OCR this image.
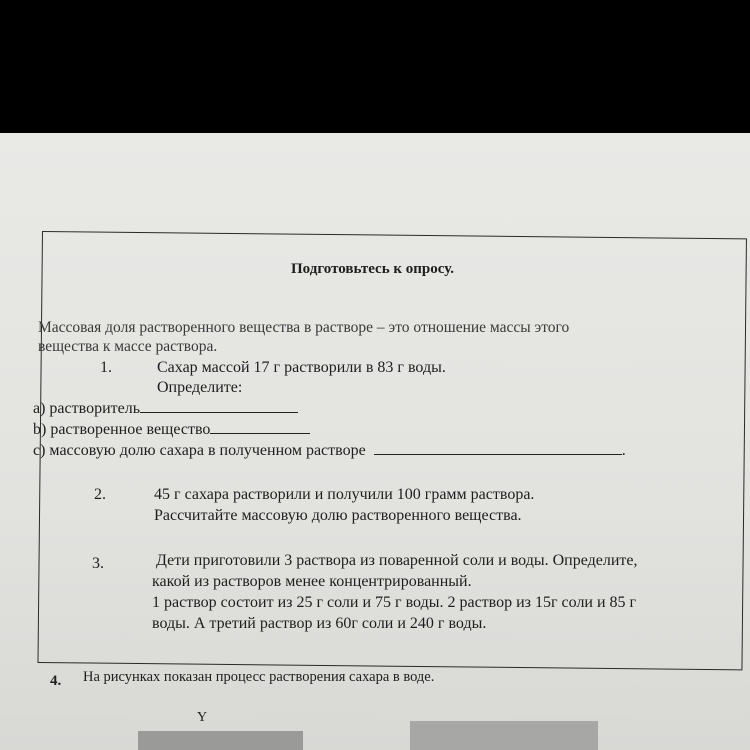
Подготовьтесь к опросу.
Массовая доля растворенного вещества в растворе – это отношение массы этого
вещества к массе раствора.
1.	Сахар массой 17 г растворили в 83 г воды.
Определите:
a) растворитель
b) растворенное вещество
c) массовую долю сахара в полученном растворе	.
2.	45 г сахара растворили и получили 100 грамм раствора.
Рассчитайте массовую долю растворенного вещества.
3.	Дети приготовили 3 раствора из поваренной соли и воды. Определите,
какой из растворов менее концентрированный.
1 раствор состоит из 25 г соли и 75 г воды. 2 раствор из 15г соли и 85 г
воды. А третий раствор из 60г соли и 240 г воды.
4. На рисунках показан процесс растворения сахара в воде.
Y
